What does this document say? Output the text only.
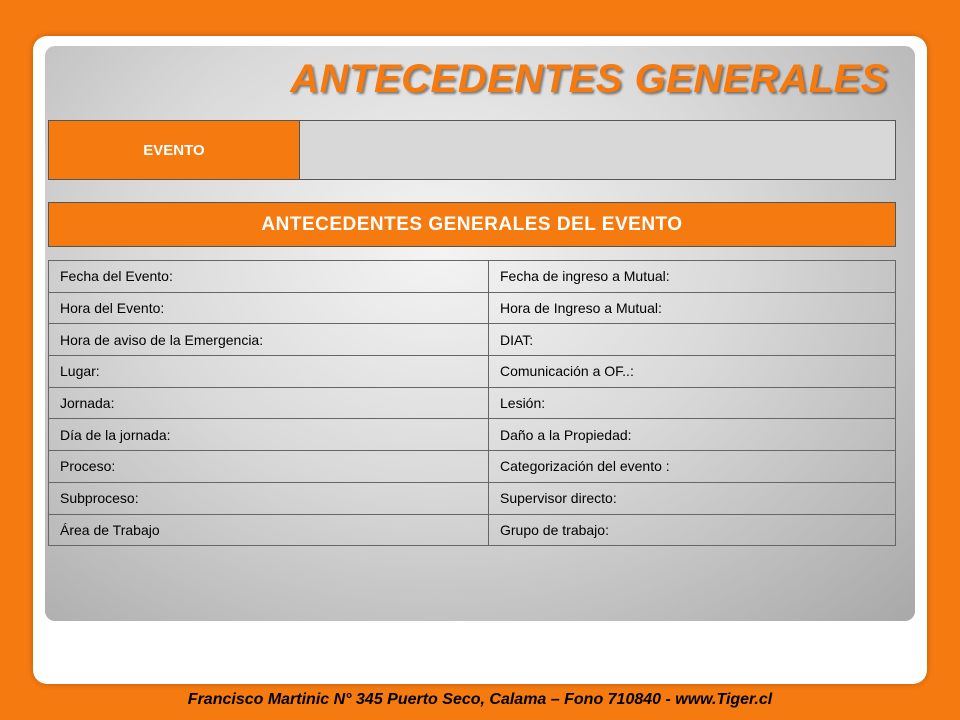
ANTECEDENTES GENERALES
EVENTO
ANTECEDENTES GENERALES DEL EVENTO
Fecha del Evento:	Fecha de ingreso a Mutual:
Hora del Evento:	Hora de Ingreso a Mutual:
Hora de aviso de la Emergencia:	DIAT:
Lugar:	Comunicación a OF..:
Jornada:	Lesión:
Día de la jornada:	Daño a la Propiedad:
Proceso:	Categorización del evento :
Subproceso:	Supervisor directo:
Área de Trabajo	Grupo de trabajo:
Francisco Martinic N° 345 Puerto Seco, Calama – Fono 710840 - www.Tiger.cl
